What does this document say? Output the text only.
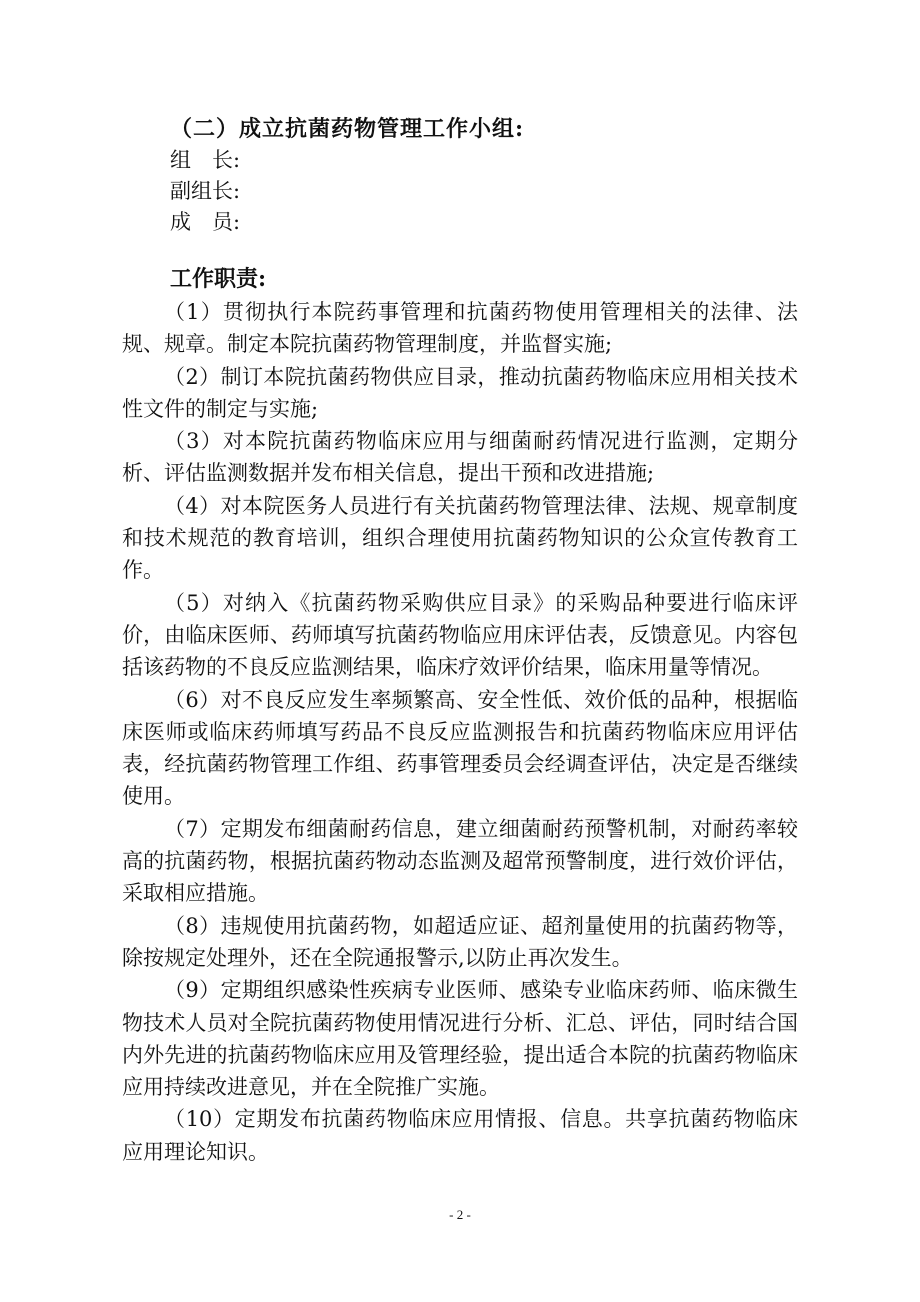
（二）成立抗菌药物管理工作小组:
组　长:
副组长:
成　员:
工作职责:

（1）贯彻执行本院药事管理和抗菌药物使用管理相关的法律、法规、规章。制定本院抗菌药物管理制度，并监督实施;

（2）制订本院抗菌药物供应目录，推动抗菌药物临床应用相关技术性文件的制定与实施;

（3）对本院抗菌药物临床应用与细菌耐药情况进行监测，定期分析、评估监测数据并发布相关信息，提出干预和改进措施;

（4）对本院医务人员进行有关抗菌药物管理法律、法规、规章制度和技术规范的教育培训，组织合理使用抗菌药物知识的公众宣传教育工作。

（5）对纳入《抗菌药物采购供应目录》的采购品种要进行临床评价，由临床医师、药师填写抗菌药物临应用床评估表，反馈意见。内容包括该药物的不良反应监测结果，临床疗效评价结果，临床用量等情况。

（6）对不良反应发生率频繁高、安全性低、效价低的品种，根据临床医师或临床药师填写药品不良反应监测报告和抗菌药物临床应用评估表，经抗菌药物管理工作组、药事管理委员会经调查评估，决定是否继续使用。

（7）定期发布细菌耐药信息，建立细菌耐药预警机制，对耐药率较高的抗菌药物，根据抗菌药物动态监测及超常预警制度，进行效价评估，采取相应措施。

（8）违规使用抗菌药物，如超适应证、超剂量使用的抗菌药物等，除按规定处理外，还在全院通报警示,以防止再次发生。

（9）定期组织感染性疾病专业医师、感染专业临床药师、临床微生物技术人员对全院抗菌药物使用情况进行分析、汇总、评估，同时结合国内外先进的抗菌药物临床应用及管理经验，提出适合本院的抗菌药物临床应用持续改进意见，并在全院推广实施。

（10）定期发布抗菌药物临床应用情报、信息。共享抗菌药物临床应用理论知识。

- 2 -
